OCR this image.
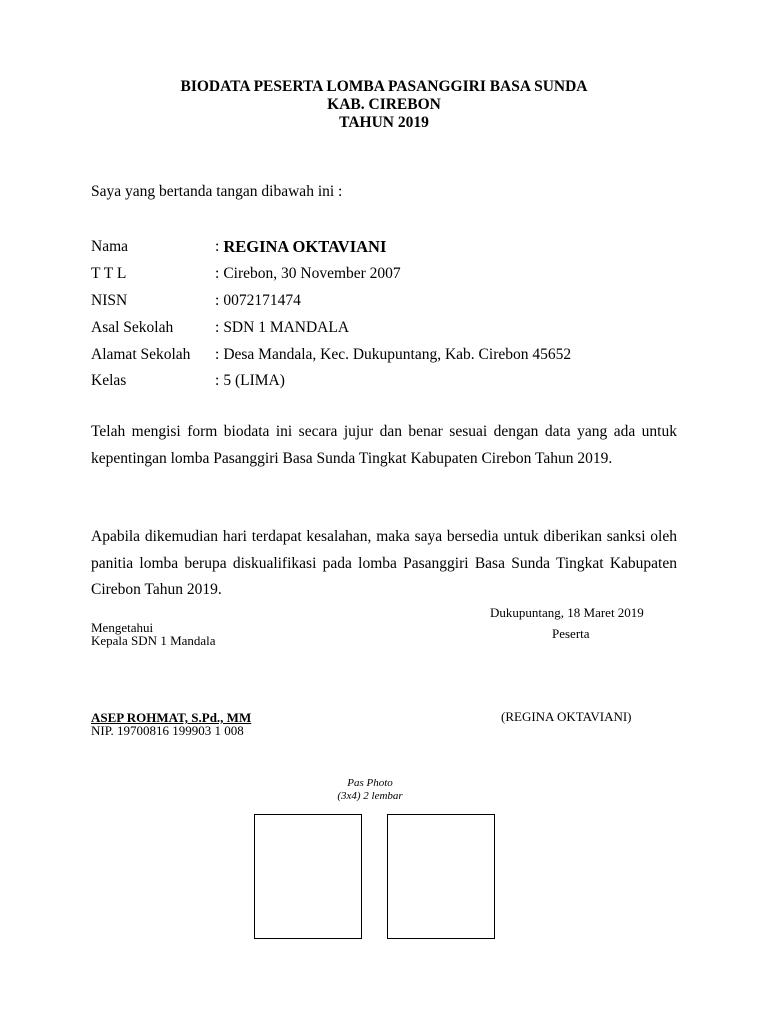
BIODATA PESERTA LOMBA PASANGGIRI BASA SUNDA
KAB. CIREBON
TAHUN 2019
Saya yang bertanda tangan dibawah ini :
Nama	: REGINA OKTAVIANI
T T L	: Cirebon, 30 November 2007
NISN	: 0072171474
Asal Sekolah	: SDN 1 MANDALA
Alamat Sekolah	: Desa Mandala, Kec. Dukupuntang, Kab. Cirebon 45652
Kelas	: 5 (LIMA)
Telah mengisi form biodata ini secara jujur dan benar sesuai dengan data yang ada untuk kepentingan lomba Pasanggiri Basa Sunda Tingkat Kabupaten Cirebon Tahun 2019.
Apabila dikemudian hari terdapat kesalahan, maka saya bersedia untuk diberikan sanksi oleh panitia lomba berupa diskualifikasi pada lomba Pasanggiri Basa Sunda Tingkat Kabupaten Cirebon Tahun 2019.
Dukupuntang, 18 Maret 2019
Peserta
Mengetahui
Kepala SDN 1 Mandala
ASEP ROHMAT, S.Pd., MM
NIP. 19700816 199903 1 008
(REGINA OKTAVIANI)
Pas Photo
(3x4) 2 lembar
